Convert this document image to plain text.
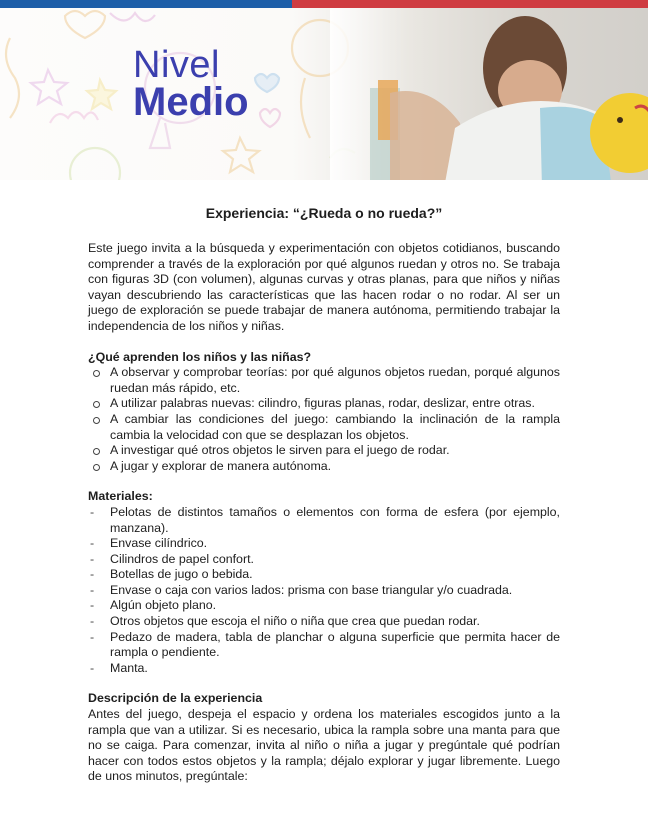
Nivel
Medio

Experiencia: “¿Rueda o no rueda?”

Este juego invita a la búsqueda y experimentación con objetos cotidianos, buscando comprender a través de la exploración por qué algunos ruedan y otros no. Se trabaja con figuras 3D (con volumen), algunas curvas y otras planas, para que niños y niñas vayan descubriendo las características que las hacen rodar o no rodar. Al ser un juego de exploración se puede trabajar de manera autónoma, permitiendo trabajar la independencia de los niños y niñas.

¿Qué aprenden los niños y las niñas?

A observar y comprobar teorías: por qué algunos objetos ruedan, porqué algunos ruedan más rápido, etc.
A utilizar palabras nuevas: cilindro, figuras planas, rodar, deslizar, entre otras.
A cambiar las condiciones del juego: cambiando la inclinación de la rampla cambia la velocidad con que se desplazan los objetos.
A investigar qué otros objetos le sirven para el juego de rodar.
A jugar y explorar de manera autónoma.

Materiales:

- Pelotas de distintos tamaños o elementos con forma de esfera (por ejemplo, manzana).
- Envase cilíndrico.
- Cilindros de papel confort.
- Botellas de jugo o bebida.
- Envase o caja con varios lados: prisma con base triangular y/o cuadrada.
- Algún objeto plano.
- Otros objetos que escoja el niño o niña que crea que puedan rodar.
- Pedazo de madera, tabla de planchar o alguna superficie que permita hacer de rampla o pendiente.
- Manta.

Descripción de la experiencia

Antes del juego, despeja el espacio y ordena los materiales escogidos junto a la rampla que van a utilizar. Si es necesario, ubica la rampla sobre una manta para que no se caiga. Para comenzar, invita al niño o niña a jugar y pregúntale qué podrían hacer con todos estos objetos y la rampla; déjalo explorar y jugar libremente. Luego de unos minutos, pregúntale:
